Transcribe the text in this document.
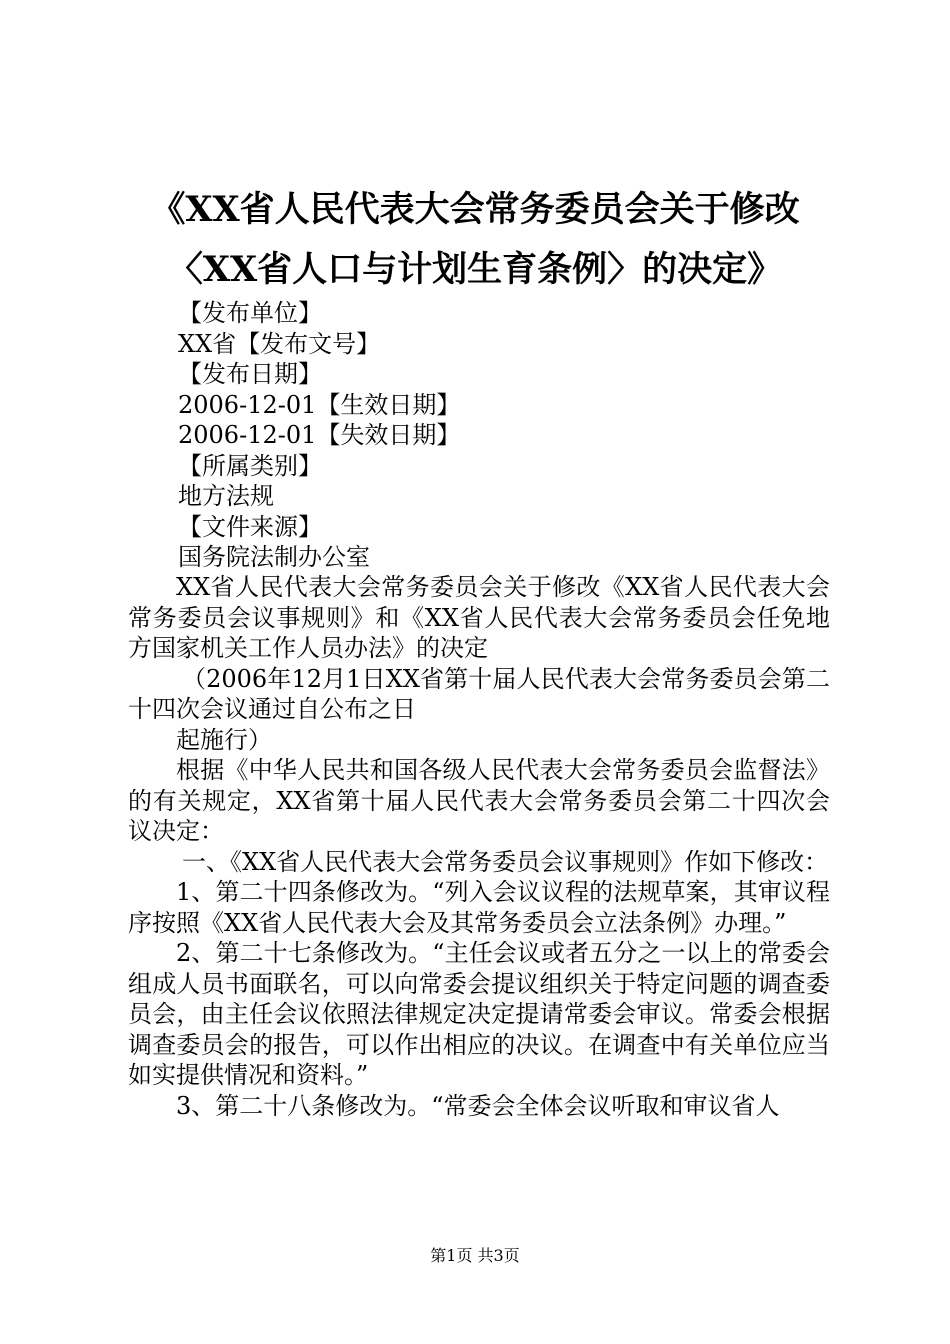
《XX省人民代表大会常务委员会关于修改
〈XX省人口与计划生育条例〉的决定》
【发布单位】
XX省【发布文号】
【发布日期】
2006-12-01【生效日期】
2006-12-01【失效日期】
【所属类别】
地方法规
【文件来源】
国务院法制办公室

XX省人民代表大会常务委员会关于修改《XX省人民代表大会常务委员会议事规则》和《XX省人民代表大会常务委员会任免地方国家机关工作人员办法》的决定

（2006年12月1日XX省第十届人民代表大会常务委员会第二十四次会议通过自公布之日

起施行）

根据《中华人民共和国各级人民代表大会常务委员会监督法》的有关规定，XX省第十届人民代表大会常务委员会第二十四次会议决定：

一、《XX省人民代表大会常务委员会议事规则》作如下修改：

1、第二十四条修改为。“列入会议议程的法规草案，其审议程序按照《XX省人民代表大会及其常务委员会立法条例》办理。”

2、第二十七条修改为。“主任会议或者五分之一以上的常委会组成人员书面联名，可以向常委会提议组织关于特定问题的调查委员会，由主任会议依照法律规定决定提请常委会审议。常委会根据调查委员会的报告，可以作出相应的决议。在调查中有关单位应当如实提供情况和资料。”

3、第二十八条修改为。“常委会全体会议听取和审议省人

第1页 共3页
